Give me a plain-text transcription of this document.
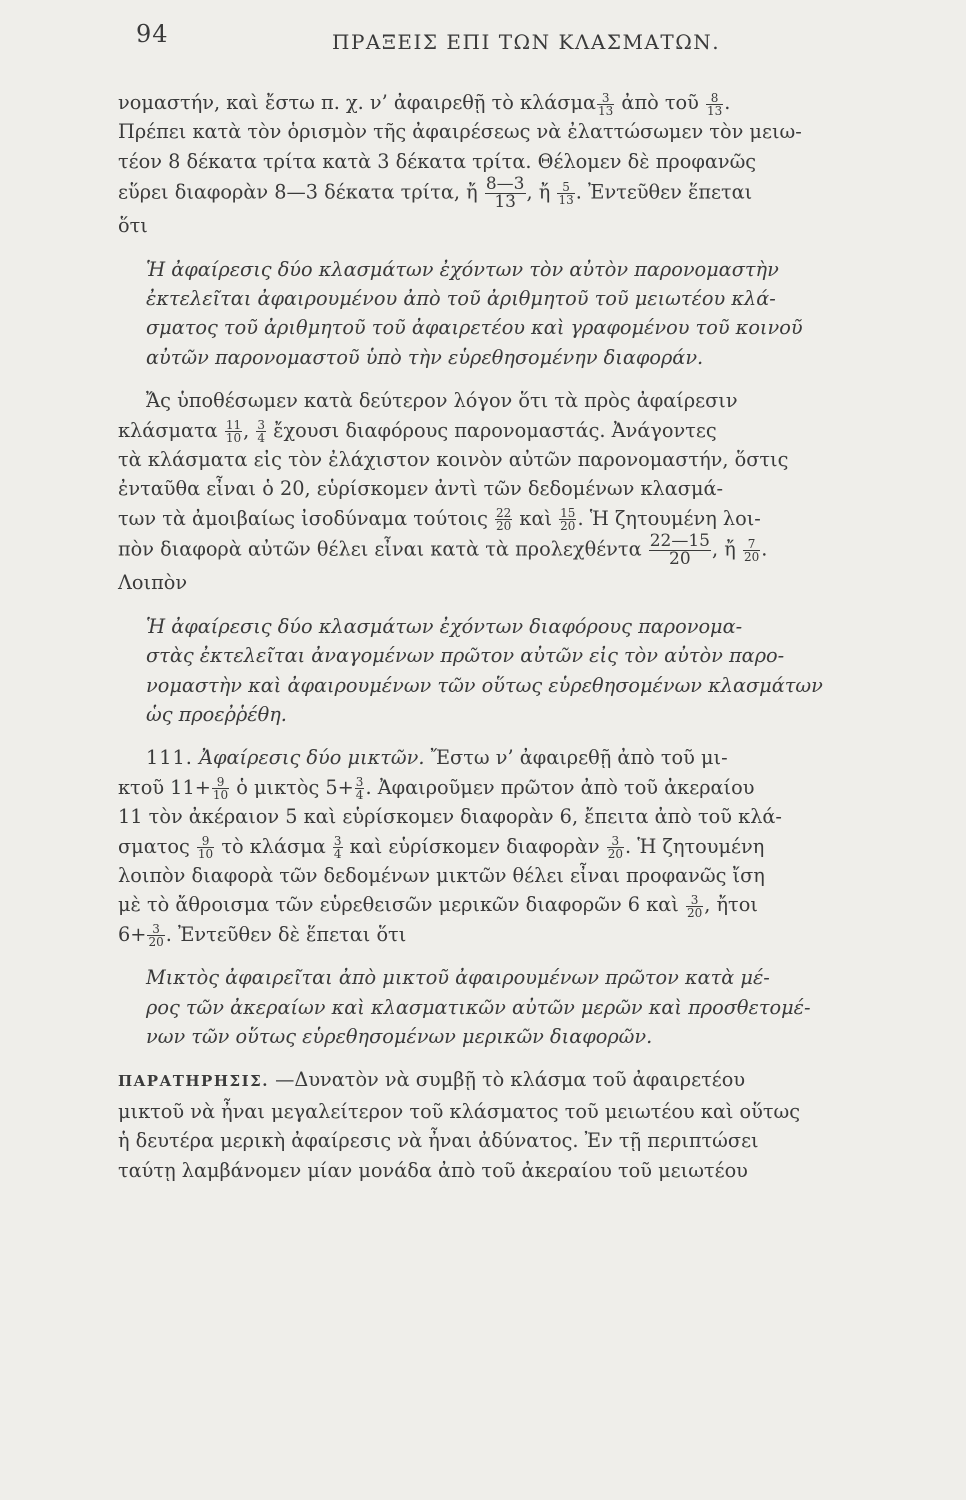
94	ΠΡΑΞΕΙΣ ΕΠΙ ΤΩΝ ΚΛΑΣΜΑΤΩΝ.
νομαστήν, καὶ ἔστω π. χ. ν’ ἀφαιρεθῇ τὸ κλάσμα $\frac{3}{13}$ ἀπὸ τοῦ $\frac{8}{13}$ .
Πρέπει κατὰ τὸν ὁρισμὸν τῆς ἀφαιρέσεως νὰ ἐλαττώσωμεν τὸν μειω-
τέον 8 δέκατα τρίτα κατὰ 3 δέκατα τρίτα. Θέλομεν δὲ προφανῶς
εὕρει διαφορὰν 8—3 δέκατα τρίτα, ἤ $\frac{8—3}{13}$ , ἤ $\frac{5}{13}$ . Ἐντεῦθεν ἕπεται
ὅτι
Ἡ ἀφαίρεσις δύο κλασμάτων ἐχόντων τὸν αὐτὸν παρονομαστὴν
ἐκτελεῖται ἀφαιρουμένου ἀπὸ τοῦ ἀριθμητοῦ τοῦ μειωτέου κλά-
σματος τοῦ ἀριθμητοῦ τοῦ ἀφαιρετέου καὶ γραφομένου τοῦ κοινοῦ
αὐτῶν παρονομαστοῦ ὑπὸ τὴν εὑρεθησομένην διαφοράν.
Ἄς ὑποθέσωμεν κατὰ δεύτερον λόγον ὅτι τὰ πρὸς ἀφαίρεσιν
κλάσματα $\frac{11}{10}$ , $\frac{3}{4}$ ἔχουσι διαφόρους παρονομαστάς. Ἀνάγοντες
τὰ κλάσματα εἰς τὸν ἐλάχιστον κοινὸν αὐτῶν παρονομαστήν, ὅστις
ἐνταῦθα εἶναι ὁ 20, εὑρίσκομεν ἀντὶ τῶν δεδομένων κλασμά-
των τὰ ἀμοιβαίως ἰσοδύναμα τούτοις $\frac{22}{20}$ καὶ $\frac{15}{20}$ . Ἡ ζητουμένη λοι-
πὸν διαφορὰ αὐτῶν θέλει εἶναι κατὰ τὰ προλεχθέντα $\frac{22—15}{20}$ , ἤ $\frac{7}{20}$ .
Λοιπὸν
Ἡ ἀφαίρεσις δύο κλασμάτων ἐχόντων διαφόρους παρονομα-
στὰς ἐκτελεῖται ἀναγομένων πρῶτον αὐτῶν εἰς τὸν αὐτὸν παρο-
νομαστὴν καὶ ἀφαιρουμένων τῶν οὕτως εὑρεθησομένων κλασμάτων
ὡς προεῤῥέθη.
111. Ἀφαίρεσις δύο μικτῶν. Ἔστω ν’ ἀφαιρεθῇ ἀπὸ τοῦ μι-
κτοῦ $11+ \frac{9}{10}$ ὁ μικτὸς $5+ \frac{3}{4}$ . Ἀφαιροῦμεν πρῶτον ἀπὸ τοῦ ἀκεραίου
11 τὸν ἀκέραιον 5 καὶ εὑρίσκομεν διαφορὰν 6, ἔπειτα ἀπὸ τοῦ κλά-
σματος $\frac{9}{10}$ τὸ κλάσμα $\frac{3}{4}$ καὶ εὑρίσκομεν διαφορὰν $\frac{3}{20}$ . Ἡ ζητουμένη
λοιπὸν διαφορὰ τῶν δεδομένων μικτῶν θέλει εἶναι προφανῶς ἴση
μὲ τὸ ἄθροισμα τῶν εὑρεθεισῶν μερικῶν διαφορῶν 6 καὶ $\frac{3}{20}$ , ἤτοι
$6+ \frac{3}{20}$ . Ἐντεῦθεν δὲ ἕπεται ὅτι
Μικτὸς ἀφαιρεῖται ἀπὸ μικτοῦ ἀφαιρουμένων πρῶτον κατὰ μέ-
ρος τῶν ἀκεραίων καὶ κλασματικῶν αὐτῶν μερῶν καὶ προσθετομέ-
νων τῶν οὕτως εὑρεθησομένων μερικῶν διαφορῶν.
ΠΑΡΑΤΗΡΗΣΙΣ. —Δυνατὸν νὰ συμβῇ τὸ κλάσμα τοῦ ἀφαιρετέου
μικτοῦ νὰ ἦναι μεγαλείτερον τοῦ κλάσματος τοῦ μειωτέου καὶ οὕτως
ἡ δευτέρα μερικὴ ἀφαίρεσις νὰ ἦναι ἀδύνατος. Ἐν τῇ περιπτώσει
ταύτῃ λαμβάνομεν μίαν μονάδα ἀπὸ τοῦ ἀκεραίου τοῦ μειωτέου
